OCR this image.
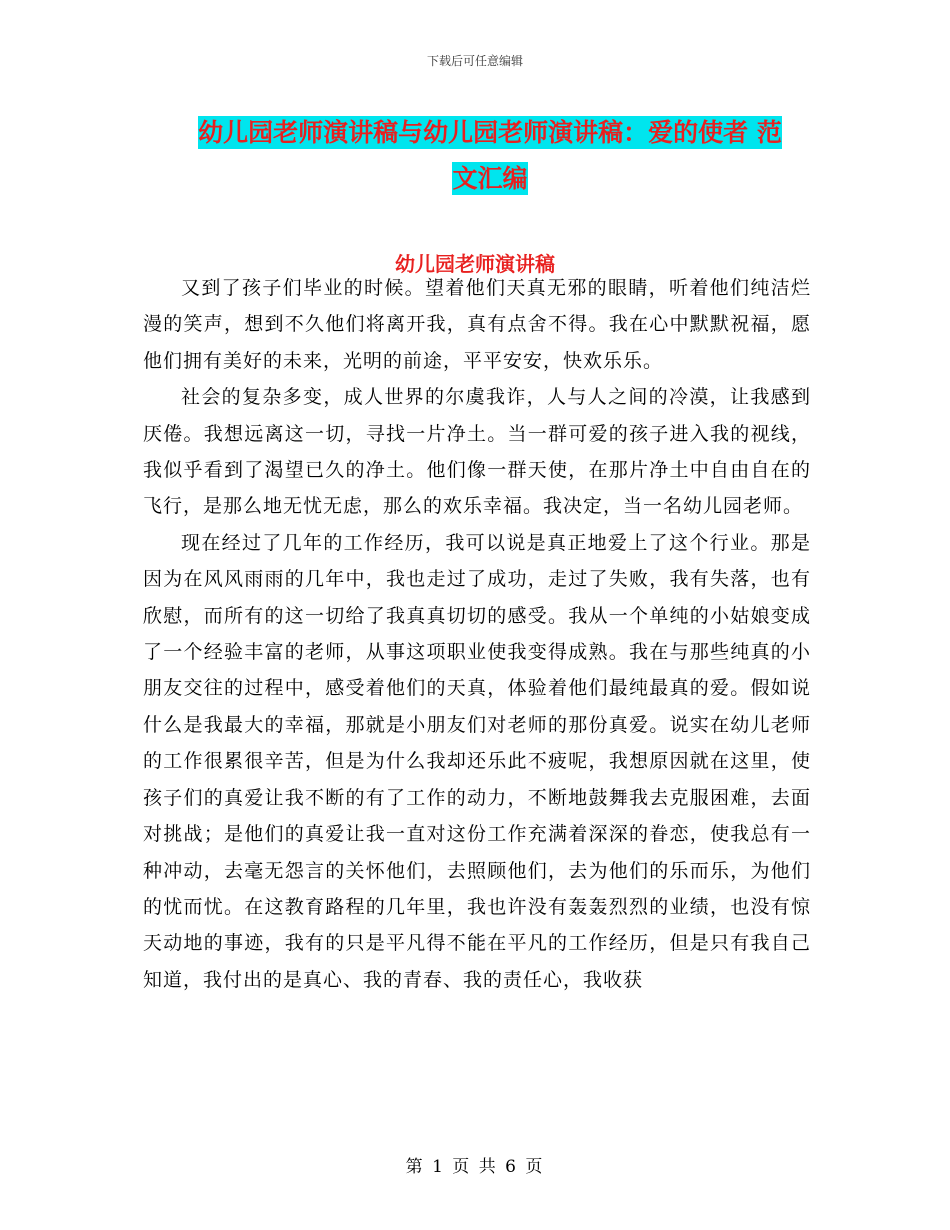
下载后可任意编辑
幼儿园老师演讲稿与幼儿园老师演讲稿：爱的使者 范
文汇编
幼儿园老师演讲稿

又到了孩子们毕业的时候。望着他们天真无邪的眼睛，听着他们纯洁烂漫的笑声，想到不久他们将离开我，真有点舍不得。我在心中默默祝福，愿他们拥有美好的未来，光明的前途，平平安安，快欢乐乐。

社会的复杂多变，成人世界的尔虞我诈，人与人之间的冷漠，让我感到厌倦。我想远离这一切，寻找一片净土。当一群可爱的孩子进入我的视线，我似乎看到了渴望已久的净土。他们像一群天使，在那片净土中自由自在的飞行，是那么地无忧无虑，那么的欢乐幸福。我决定，当一名幼儿园老师。

现在经过了几年的工作经历，我可以说是真正地爱上了这个行业。那是因为在风风雨雨的几年中，我也走过了成功，走过了失败，我有失落，也有欣慰，而所有的这一切给了我真真切切的感受。我从一个单纯的小姑娘变成了一个经验丰富的老师，从事这项职业使我变得成熟。我在与那些纯真的小朋友交往的过程中，感受着他们的天真，体验着他们最纯最真的爱。假如说什么是我最大的幸福，那就是小朋友们对老师的那份真爱。说实在幼儿老师的工作很累很辛苦，但是为什么我却还乐此不疲呢，我想原因就在这里，使孩子们的真爱让我不断的有了工作的动力，不断地鼓舞我去克服困难，去面对挑战；是他们的真爱让我一直对这份工作充满着深深的眷恋，使我总有一种冲动，去毫无怨言的关怀他们，去照顾他们，去为他们的乐而乐，为他们的忧而忧。在这教育路程的几年里，我也许没有轰轰烈烈的业绩，也没有惊天动地的事迹，我有的只是平凡得不能在平凡的工作经历，但是只有我自己知道，我付出的是真心、我的青春、我的责任心，我收获

第 1 页 共 6 页
